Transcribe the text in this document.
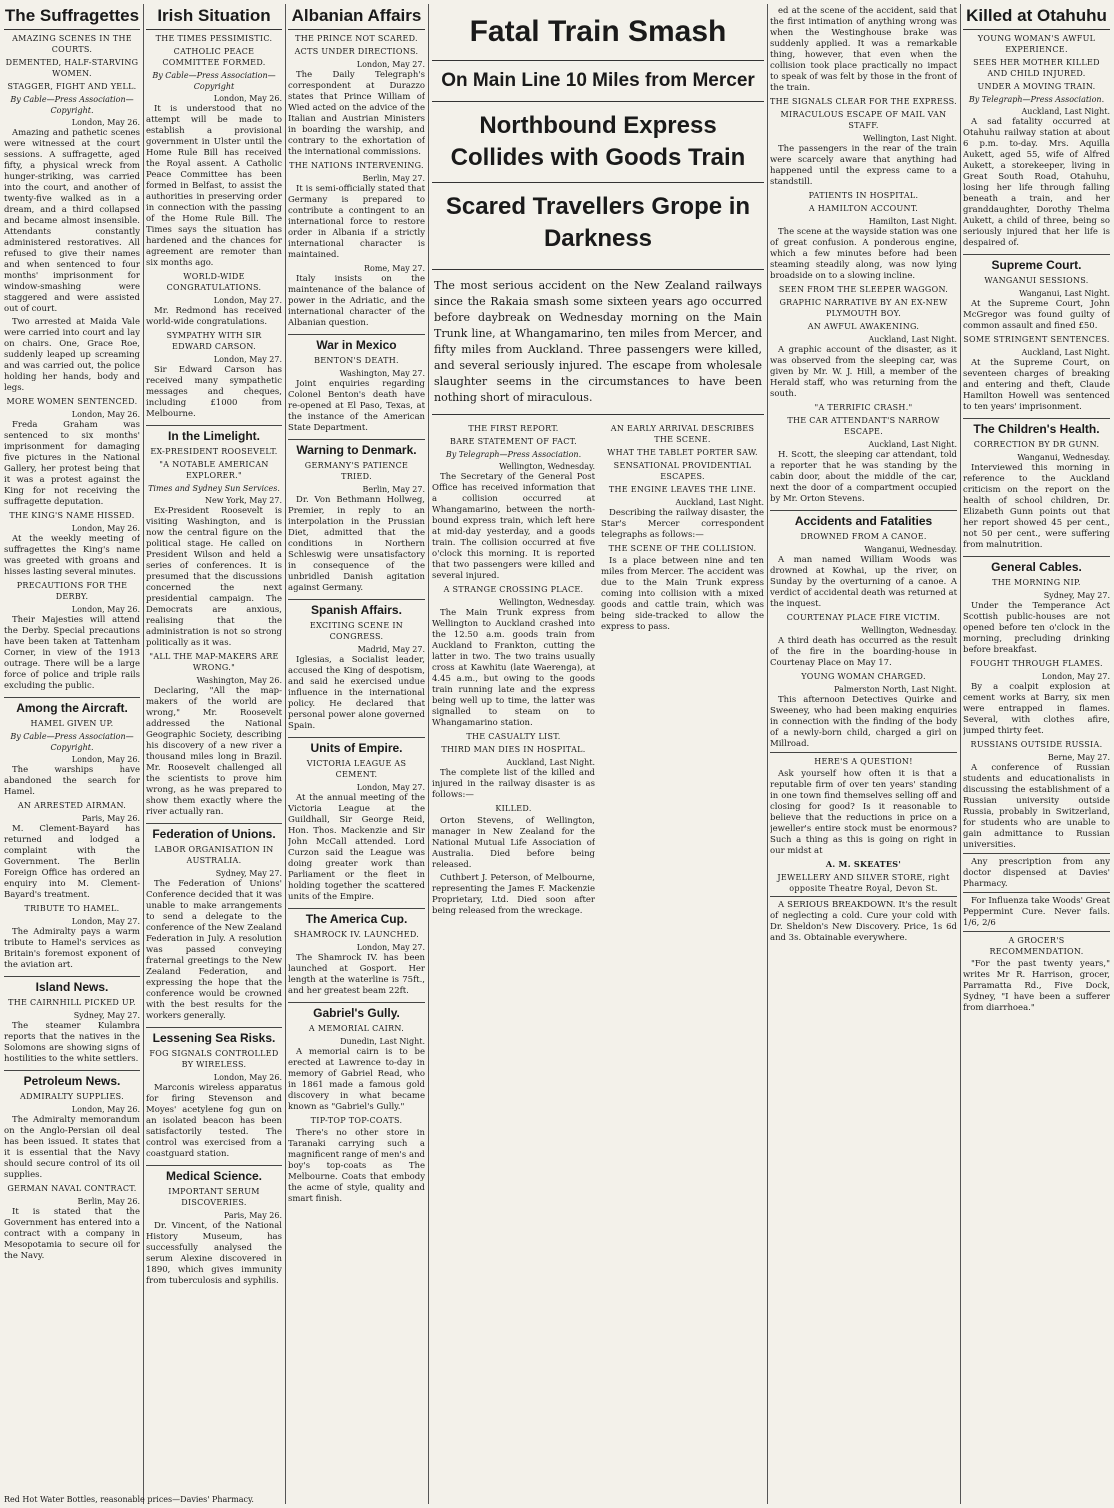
The Suffragettes
AMAZING SCENES IN THE COURTS.
DEMENTED, HALF-STARVING WOMEN.
STAGGER, FIGHT AND YELL.
By Cable—Press Association—Copyright.
London, May 26.

Amazing and pathetic scenes were witnessed at the court sessions. A suffragette, aged fifty, a physical wreck from hunger-striking, was carried into the court, and another of twenty-five walked as in a dream, and a third collapsed and became almost insensible. Attendants constantly administered restoratives. All refused to give their names and when sentenced to four months' imprisonment for window-smashing were staggered and were assisted out of court.

Two arrested at Maida Vale were carried into court and lay on chairs. One, Grace Roe, suddenly leaped up screaming and was carried out, the police holding her hands, body and legs.

MORE WOMEN SENTENCED.
London, May 26.

Freda Graham was sentenced to six months' imprisonment for damaging five pictures in the National Gallery, her protest being that it was a protest against the King for not receiving the suffragette deputation.

THE KING'S NAME HISSED.
London, May 26.

At the weekly meeting of suffragettes the King's name was greeted with groans and hisses lasting several minutes.

PRECAUTIONS FOR THE DERBY.
London, May 26.

Their Majesties will attend the Derby. Special precautions have been taken at Tattenham Corner, in view of the 1913 outrage. There will be a large force of police and triple rails excluding the public.

Among the Aircraft.
HAMEL GIVEN UP.
By Cable—Press Association—Copyright.
London, May 26.

The warships have abandoned the search for Hamel.

AN ARRESTED AIRMAN.
Paris, May 26.

M. Clement-Bayard has returned and lodged a complaint with the Government. The Berlin Foreign Office has ordered an enquiry into M. Clement-Bayard's treatment.

TRIBUTE TO HAMEL.
London, May 27.

The Admiralty pays a warm tribute to Hamel's services as Britain's foremost exponent of the aviation art.

Island News.
THE CAIRNHILL PICKED UP.
Sydney, May 27.

The steamer Kulambra reports that the natives in the Solomons are showing signs of hostilities to the white settlers.

Petroleum News.
ADMIRALTY SUPPLIES.
London, May 26.

The Admiralty memorandum on the Anglo-Persian oil deal has been issued. It states that it is essential that the Navy should secure control of its oil supplies.

GERMAN NAVAL CONTRACT.
Berlin, May 26.

It is stated that the Government has entered into a contract with a company in Mesopotamia to secure oil for the Navy.

Irish Situation
THE TIMES PESSIMISTIC.
CATHOLIC PEACE COMMITTEE FORMED.
By Cable—Press Association—Copyright
London, May 26.

It is understood that no attempt will be made to establish a provisional government in Ulster until the Home Rule Bill has received the Royal assent. A Catholic Peace Committee has been formed in Belfast, to assist the authorities in preserving order in connection with the passing of the Home Rule Bill. The Times says the situation has hardened and the chances for agreement are remoter than six months ago.

WORLD-WIDE CONGRATULATIONS.
London, May 27.

Mr. Redmond has received world-wide congratulations.

SYMPATHY WITH SIR EDWARD CARSON.
London, May 27.

Sir Edward Carson has received many sympathetic messages and cheques, including £1000 from Melbourne.

In the Limelight.
EX-PRESIDENT ROOSEVELT.
"A NOTABLE AMERICAN EXPLORER."
Times and Sydney Sun Services.
New York, May 27.

Ex-President Roosevelt is visiting Washington, and is now the central figure on the political stage. He called on President Wilson and held a series of conferences. It is presumed that the discussions concerned the next presidential campaign. The Democrats are anxious, realising that the administration is not so strong politically as it was.

"ALL THE MAP-MAKERS ARE WRONG."
Washington, May 26.

Declaring, "All the map-makers of the world are wrong," Mr. Roosevelt addressed the National Geographic Society, describing his discovery of a new river a thousand miles long in Brazil. Mr. Roosevelt challenged all the scientists to prove him wrong, as he was prepared to show them exactly where the river actually ran.

Federation of Unions.
LABOR ORGANISATION IN AUSTRALIA.
Sydney, May 27.

The Federation of Unions' Conference decided that it was unable to make arrangements to send a delegate to the conference of the New Zealand Federation in July. A resolution was passed conveying fraternal greetings to the New Zealand Federation, and expressing the hope that the conference would be crowned with the best results for the workers generally.

Lessening Sea Risks.
FOG SIGNALS CONTROLLED BY WIRELESS.
London, May 26.

Marconis wireless apparatus for firing Stevenson and Moyes' acetylene fog gun on an isolated beacon has been satisfactorily tested. The control was exercised from a coastguard station.

Medical Science.
IMPORTANT SERUM DISCOVERIES.
Paris, May 26.

Dr. Vincent, of the National History Museum, has successfully analysed the serum Alexine discovered in 1890, which gives immunity from tuberculosis and syphilis.

Albanian Affairs
THE PRINCE NOT SCARED.
ACTS UNDER DIRECTIONS.
London, May 27.

The Daily Telegraph's correspondent at Durazzo states that Prince William of Wied acted on the advice of the Italian and Austrian Ministers in boarding the warship, and contrary to the exhortation of the international commissions.

THE NATIONS INTERVENING.
Berlin, May 27.

It is semi-officially stated that Germany is prepared to contribute a contingent to an international force to restore order in Albania if a strictly international character is maintained.

Rome, May 27.

Italy insists on the maintenance of the balance of power in the Adriatic, and the international character of the Albanian question.

War in Mexico
BENTON'S DEATH.
Washington, May 27.

Joint enquiries regarding Colonel Benton's death have re-opened at El Paso, Texas, at the instance of the American State Department.

Warning to Denmark.
GERMANY'S PATIENCE TRIED.
Berlin, May 27.

Dr. Von Bethmann Hollweg, Premier, in reply to an interpolation in the Prussian Diet, admitted that the conditions in Northern Schleswig were unsatisfactory in consequence of the unbridled Danish agitation against Germany.

Spanish Affairs.
EXCITING SCENE IN CONGRESS.
Madrid, May 27.

Iglesias, a Socialist leader, accused the King of despotism, and said he exercised undue influence in the international policy. He declared that personal power alone governed Spain.

Units of Empire.
VICTORIA LEAGUE AS CEMENT.
London, May 27.

At the annual meeting of the Victoria League at the Guildhall, Sir George Reid, Hon. Thos. Mackenzie and Sir John McCall attended. Lord Curzon said the League was doing greater work than Parliament or the fleet in holding together the scattered units of the Empire.

The America Cup.
SHAMROCK IV. LAUNCHED.
London, May 27.

The Shamrock IV. has been launched at Gosport. Her length at the waterline is 75ft., and her greatest beam 22ft.

Gabriel's Gully.
A MEMORIAL CAIRN.
Dunedin, Last Night.

A memorial cairn is to be erected at Lawrence to-day in memory of Gabriel Read, who in 1861 made a famous gold discovery in what became known as "Gabriel's Gully."

TIP-TOP TOP-COATS.

There's no other store in Taranaki carrying such a magnificent range of men's and boy's top-coats as The Melbourne. Coats that embody the acme of style, quality and smart finish.

Fatal Train Smash
On Main Line 10 Miles from Mercer
Northbound Express Collides with Goods Train
Scared Travellers Grope in Darkness
The most serious accident on the New Zealand railways since the Rakaia smash some sixteen years ago occurred before daybreak on Wednesday morning on the Main Trunk line, at Whangamarino, ten miles from Mercer, and fifty miles from Auckland. Three passengers were killed, and several seriously injured. The escape from wholesale slaughter seems in the circumstances to have been nothing short of miraculous.
THE FIRST REPORT.
BARE STATEMENT OF FACT.
By Telegraph—Press Association.
Wellington, Wednesday.

The Secretary of the General Post Office has received information that a collision occurred at Whangamarino, between the north-bound express train, which left here at mid-day yesterday, and a goods train. The collision occurred at five o'clock this morning. It is reported that two passengers were killed and several injured.

A STRANGE CROSSING PLACE.
Wellington, Wednesday.

The Main Trunk express from Wellington to Auckland crashed into the 12.50 a.m. goods train from Auckland to Frankton, cutting the latter in two. The two trains usually cross at Kawhitu (late Waerenga), at 4.45 a.m., but owing to the goods train running late and the express being well up to time, the latter was signalled to steam on to Whangamarino station.

THE CASUALTY LIST.
THIRD MAN DIES IN HOSPITAL.
Auckland, Last Night.

The complete list of the killed and injured in the railway disaster is as follows:—

KILLED.

Orton Stevens, of Wellington, manager in New Zealand for the National Mutual Life Association of Australia. Died before being released.

Cuthbert J. Peterson, of Melbourne, representing the James F. Mackenzie Proprietary, Ltd. Died soon after being released from the wreckage.

AN EARLY ARRIVAL DESCRIBES THE SCENE.
WHAT THE TABLET PORTER SAW.
SENSATIONAL PROVIDENTIAL ESCAPES.
THE ENGINE LEAVES THE LINE.
Auckland, Last Night.

Describing the railway disaster, the Star's Mercer correspondent telegraphs as follows:—

THE SCENE OF THE COLLISION.

Is a place between nine and ten miles from Mercer. The accident was due to the Main Trunk express coming into collision with a mixed goods and cattle train, which was being side-tracked to allow the express to pass.

ed at the scene of the accident, said that the first intimation of anything wrong was when the Westinghouse brake was suddenly applied. It was a remarkable thing, however, that even when the collision took place practically no impact to speak of was felt by those in the front of the train.

THE SIGNALS CLEAR FOR THE EXPRESS.
MIRACULOUS ESCAPE OF MAIL VAN STAFF.
Wellington, Last Night.

The passengers in the rear of the train were scarcely aware that anything had happened until the express came to a standstill.

PATIENTS IN HOSPITAL.
A HAMILTON ACCOUNT.
Hamilton, Last Night.

The scene at the wayside station was one of great confusion. A ponderous engine, which a few minutes before had been steaming steadily along, was now lying broadside on to a slowing incline.

SEEN FROM THE SLEEPER WAGGON.
GRAPHIC NARRATIVE BY AN EX-NEW PLYMOUTH BOY.
AN AWFUL AWAKENING.
Auckland, Last Night.

A graphic account of the disaster, as it was observed from the sleeping car, was given by Mr. W. J. Hill, a member of the Herald staff, who was returning from the south.

"A TERRIFIC CRASH."
THE CAR ATTENDANT'S NARROW ESCAPE.
Auckland, Last Night.

H. Scott, the sleeping car attendant, told a reporter that he was standing by the cabin door, about the middle of the car, next the door of a compartment occupied by Mr. Orton Stevens.

Accidents and Fatalities
DROWNED FROM A CANOE.
Wanganui, Wednesday.

A man named William Woods was drowned at Kowhai, up the river, on Sunday by the overturning of a canoe. A verdict of accidental death was returned at the inquest.

COURTENAY PLACE FIRE VICTIM.
Wellington, Wednesday.

A third death has occurred as the result of the fire in the boarding-house in Courtenay Place on May 17.

YOUNG WOMAN CHARGED.
Palmerston North, Last Night.

This afternoon Detectives Quirke and Sweeney, who had been making enquiries in connection with the finding of the body of a newly-born child, charged a girl on Millroad.

HERE'S A QUESTION!

Ask yourself how often it is that a reputable firm of over ten years' standing in one town find themselves selling off and closing for good? Is it reasonable to believe that the reductions in price on a jeweller's entire stock must be enormous? Such a thing as this is going on right in our midst at

A. M. SKEATES'
JEWELLERY AND SILVER STORE, right opposite Theatre Royal, Devon St.

A SERIOUS BREAKDOWN. It's the result of neglecting a cold. Cure your cold with Dr. Sheldon's New Discovery. Price, 1s 6d and 3s. Obtainable everywhere.

Killed at Otahuhu
YOUNG WOMAN'S AWFUL EXPERIENCE.
SEES HER MOTHER KILLED AND CHILD INJURED.
UNDER A MOVING TRAIN.
By Telegraph—Press Association.
Auckland, Last Night.

A sad fatality occurred at Otahuhu railway station at about 6 p.m. to-day. Mrs. Aquilla Aukett, aged 55, wife of Alfred Aukett, a storekeeper, living in Great South Road, Otahuhu, losing her life through falling beneath a train, and her granddaughter, Dorothy Thelma Aukett, a child of three, being so seriously injured that her life is despaired of.

Supreme Court.
WANGANUI SESSIONS.
Wanganui, Last Night.

At the Supreme Court, John McGregor was found guilty of common assault and fined £50.

SOME STRINGENT SENTENCES.
Auckland, Last Night.

At the Supreme Court, on seventeen charges of breaking and entering and theft, Claude Hamilton Howell was sentenced to ten years' imprisonment.

The Children's Health.
CORRECTION BY DR GUNN.
Wanganui, Wednesday.

Interviewed this morning in reference to the Auckland criticism on the report on the health of school children, Dr. Elizabeth Gunn points out that her report showed 45 per cent., not 50 per cent., were suffering from malnutrition.

General Cables.
THE MORNING NIP.
Sydney, May 27.

Under the Temperance Act Scottish public-houses are not opened before ten o'clock in the morning, precluding drinking before breakfast.

FOUGHT THROUGH FLAMES.
London, May 27.

By a coalpit explosion at cement works at Barry, six men were entrapped in flames. Several, with clothes afire, jumped thirty feet.

RUSSIANS OUTSIDE RUSSIA.
Berne, May 27.

A conference of Russian students and educationalists in discussing the establishment of a Russian university outside Russia, probably in Switzerland, for students who are unable to gain admittance to Russian universities.

Any prescription from any doctor dispensed at Davies' Pharmacy.

For Influenza take Woods' Great Peppermint Cure. Never fails. 1/6, 2/6

A GROCER'S RECOMMENDATION.

"For the past twenty years," writes Mr R. Harrison, grocer, Parramatta Rd., Five Dock, Sydney, "I have been a sufferer from diarrhoea."

Red Hot Water Bottles, reasonable prices—Davies' Pharmacy.
